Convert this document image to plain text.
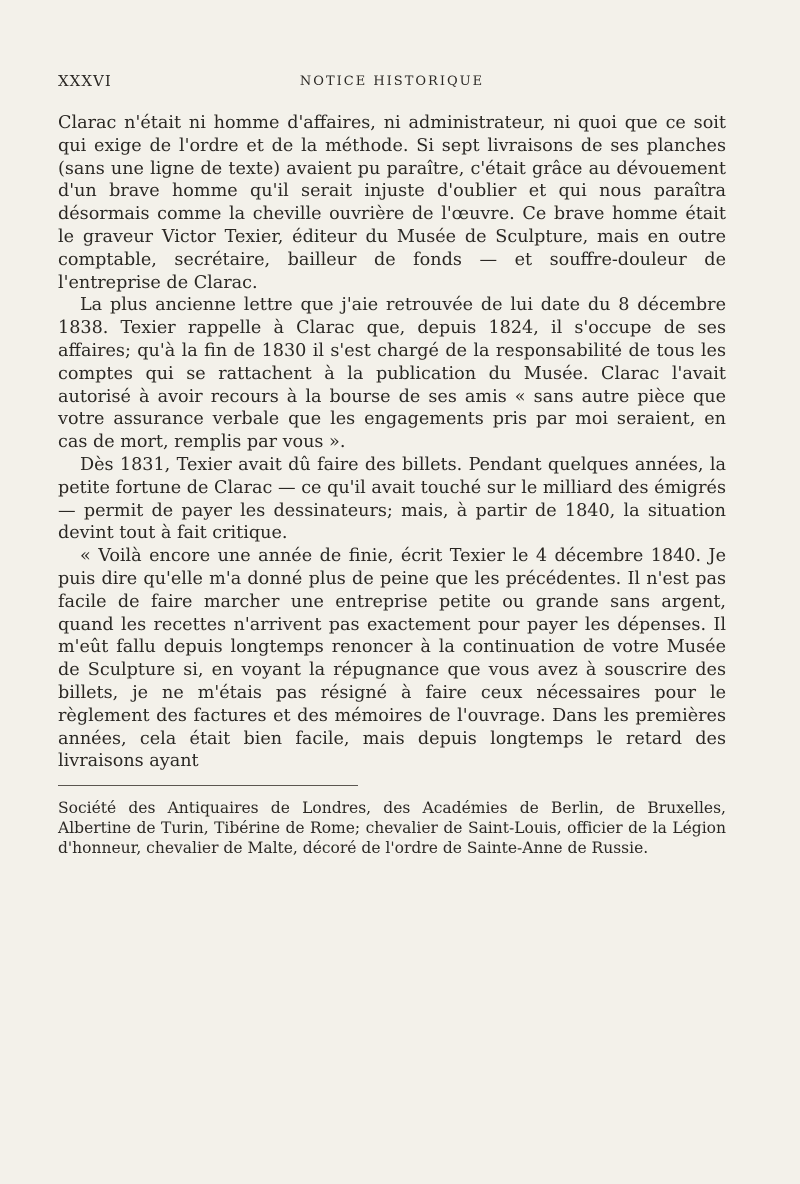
XXXVI	NOTICE HISTORIQUE

Clarac n'était ni homme d'affaires, ni administrateur, ni quoi que ce soit qui exige de l'ordre et de la méthode. Si sept livraisons de ses planches (sans une ligne de texte) avaient pu paraître, c'était grâce au dévouement d'un brave homme qu'il serait injuste d'oublier et qui nous paraîtra désormais comme la cheville ouvrière de l'œuvre. Ce brave homme était le graveur Victor Texier, éditeur du Musée de Sculpture, mais en outre comptable, secrétaire, bailleur de fonds — et souffre-douleur de l'entreprise de Clarac.

La plus ancienne lettre que j'aie retrouvée de lui date du 8 décembre 1838. Texier rappelle à Clarac que, depuis 1824, il s'occupe de ses affaires; qu'à la fin de 1830 il s'est chargé de la responsabilité de tous les comptes qui se rattachent à la publication du Musée. Clarac l'avait autorisé à avoir recours à la bourse de ses amis « sans autre pièce que votre assurance verbale que les engagements pris par moi seraient, en cas de mort, remplis par vous ».

Dès 1831, Texier avait dû faire des billets. Pendant quelques années, la petite fortune de Clarac — ce qu'il avait touché sur le milliard des émigrés — permit de payer les dessinateurs; mais, à partir de 1840, la situation devint tout à fait critique.

« Voilà encore une année de finie, écrit Texier le 4 décembre 1840. Je puis dire qu'elle m'a donné plus de peine que les précédentes. Il n'est pas facile de faire marcher une entreprise petite ou grande sans argent, quand les recettes n'arrivent pas exactement pour payer les dépenses. Il m'eût fallu depuis longtemps renoncer à la continuation de votre Musée de Sculpture si, en voyant la répugnance que vous avez à souscrire des billets, je ne m'étais pas résigné à faire ceux nécessaires pour le règlement des factures et des mémoires de l'ouvrage. Dans les premières années, cela était bien facile, mais depuis longtemps le retard des livraisons ayant

Société des Antiquaires de Londres, des Académies de Berlin, de Bruxelles, Albertine de Turin, Tibérine de Rome; chevalier de Saint-Louis, officier de la Légion d'honneur, chevalier de Malte, décoré de l'ordre de Sainte-Anne de Russie.
